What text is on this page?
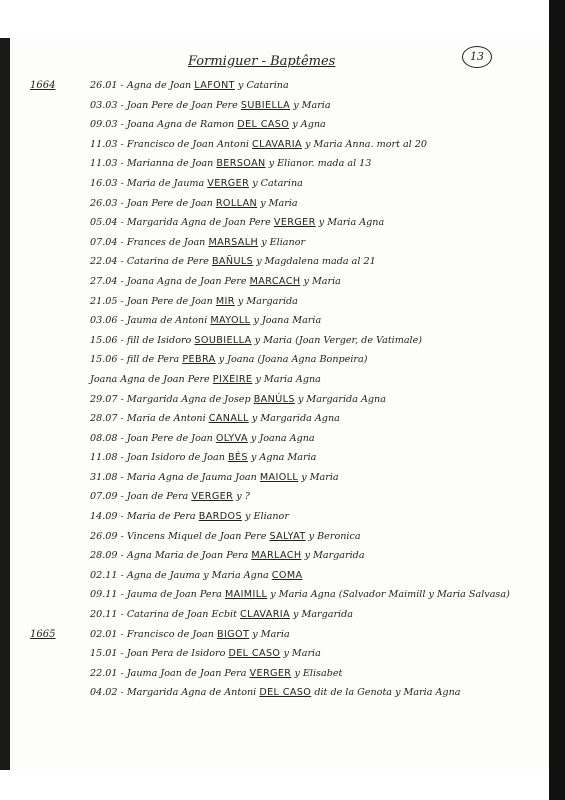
Formiguer - Baptêmes	13
1664	26.01 - Agna de Joan LAFONT y Catarina
03.03 - Joan Pere de Joan Pere SUBIELLA y Maria
09.03 - Joana Agna de Ramon DEL CASO y Agna
11.03 - Francisco de Joan Antoni CLAVARIA y Maria Anna. mort al 20
11.03 - Marianna de Joan BERSOAN y Elianor. mada al 13
16.03 - Maria de Jauma VERGER y Catarina
26.03 - Joan Pere de Joan ROLLAN y Maria
05.04 - Margarida Agna de Joan Pere VERGER y Maria Agna
07.04 - Frances de Joan MARSALH y Elianor
22.04 - Catarina de Pere BAÑULS y Magdalena mada al 21
27.04 - Joana Agna de Joan Pere MARCACH y Maria
21.05 - Joan Pere de Joan MIR y Margarida
03.06 - Jauma de Antoni MAYOLL y Joana Maria
15.06 - fill de Isidoro SOUBIELLA y Maria (Joan Verger, de Vatimale)
15.06 - fill de Pera PEBRA y Joana (Joana Agna Bonpeira)
Joana Agna de Joan Pere PIXEIRE y Maria Agna
29.07 - Margarida Agna de Josep BANÚLS y Margarida Agna
28.07 - Maria de Antoni CANALL y Margarida Agna
08.08 - Joan Pere de Joan OLYVA y Joana Agna
11.08 - Joan Isidoro de Joan BÉS y Agna Maria
31.08 - Maria Agna de Jauma Joan MAIOLL y Maria
07.09 - Joan de Pera VERGER y ?
14.09 - Maria de Pera BARDOS y Elianor
26.09 - Vincens Miquel de Joan Pere SALYAT y Beronica
28.09 - Agna Maria de Joan Pera MARLACH y Margarida
02.11 - Agna de Jauma y Maria Agna COMA
09.11 - Jauma de Joan Pera MAIMILL y Maria Agna (Salvador Maimill y Maria Salvasa)
20.11 - Catarina de Joan Ecbit CLAVARIA y Margarida
1665	02.01 - Francisco de Joan BIGOT y Maria
15.01 - Joan Pera de Isidoro DEL CASO y Maria
22.01 - Jauma Joan de Joan Pera VERGER y Elisabet
04.02 - Margarida Agna de Antoni DEL CASO dit de la Genota y Maria Agna
